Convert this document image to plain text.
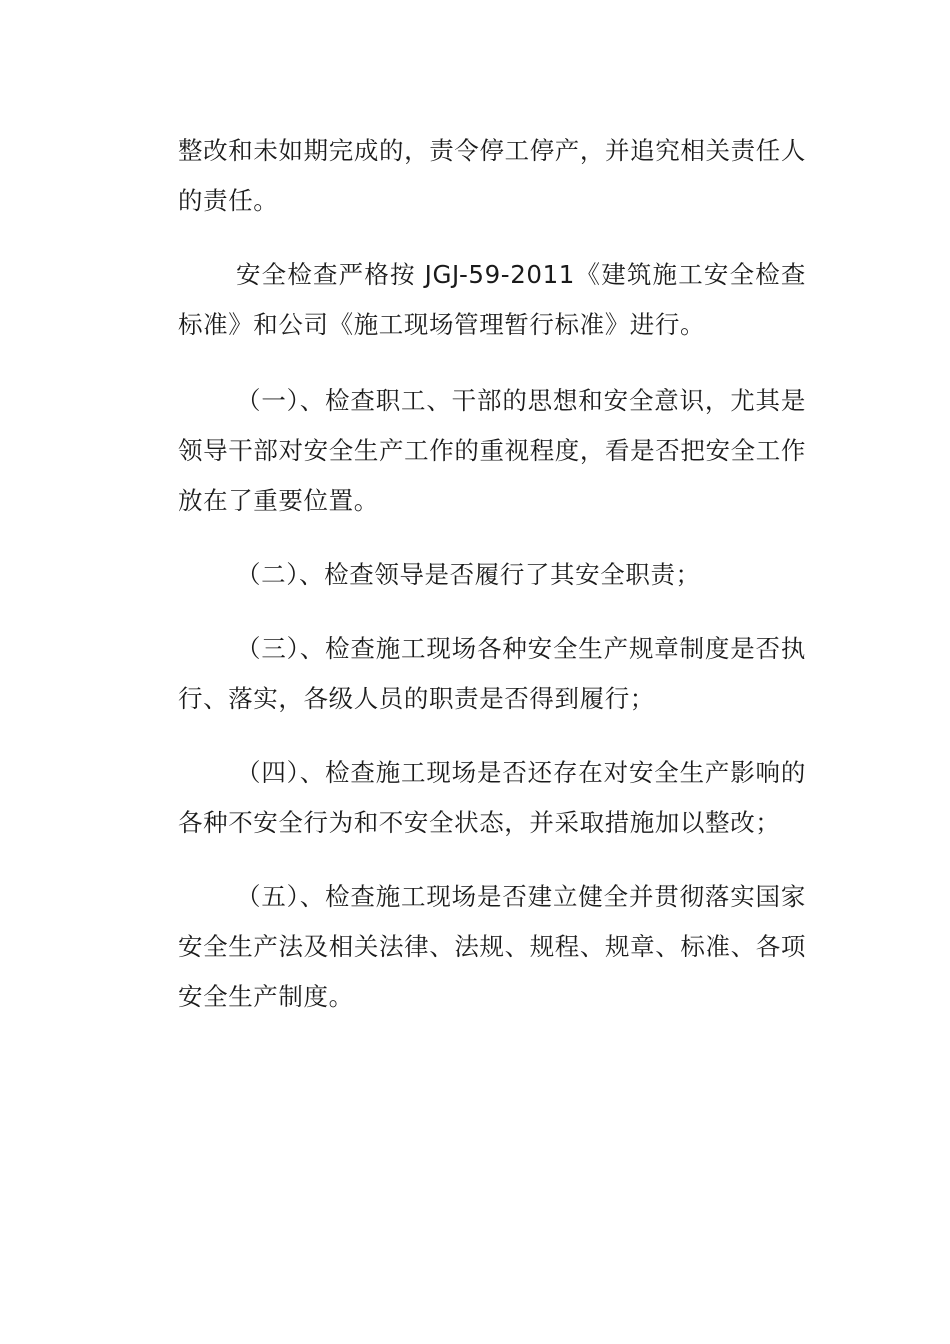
整改和未如期完成的，责令停工停产，并追究相关责任人的责任。

安全检查严格按 JGJ-59-2011《建筑施工安全检查标准》和公司《施工现场管理暂行标准》进行。

（一）、检查职工、干部的思想和安全意识，尤其是领导干部对安全生产工作的重视程度，看是否把安全工作放在了重要位置。

（二）、检查领导是否履行了其安全职责；

（三）、检查施工现场各种安全生产规章制度是否执行、落实，各级人员的职责是否得到履行；

（四）、检查施工现场是否还存在对安全生产影响的各种不安全行为和不安全状态，并采取措施加以整改；

（五）、检查施工现场是否建立健全并贯彻落实国家安全生产法及相关法律、法规、规程、规章、标准、各项安全生产制度。
